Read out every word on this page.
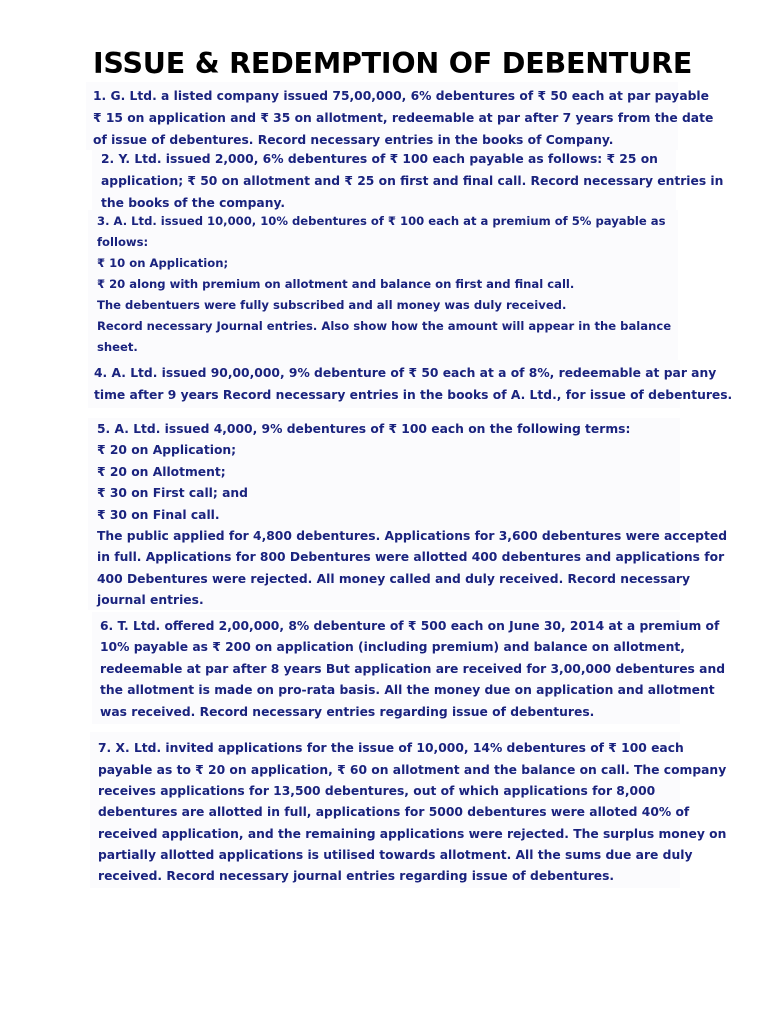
ISSUE & REDEMPTION OF DEBENTURE
1. G. Ltd. a listed company issued 75,00,000, 6% debentures of ₹ 50 each at par payable
₹ 15 on application and ₹ 35 on allotment, redeemable at par after 7 years from the date
of issue of debentures. Record necessary entries in the books of Company.
2. Y. Ltd. issued 2,000, 6% debentures of ₹ 100 each payable as follows: ₹ 25 on
application; ₹ 50 on allotment and ₹ 25 on first and final call. Record necessary entries in
the books of the company.
3. A. Ltd. issued 10,000, 10% debentures of ₹ 100 each at a premium of 5% payable as
follows:
₹ 10 on Application;
₹ 20 along with premium on allotment and balance on first and final call.
The debentuers were fully subscribed and all money was duly received.
Record necessary Journal entries. Also show how the amount will appear in the balance
sheet.
4. A. Ltd. issued 90,00,000, 9% debenture of ₹ 50 each at a of 8%, redeemable at par any
time after 9 years Record necessary entries in the books of A. Ltd., for issue of debentures.
5. A. Ltd. issued 4,000, 9% debentures of ₹ 100 each on the following terms:
₹ 20 on Application;
₹ 20 on Allotment;
₹ 30 on First call; and
₹ 30 on Final call.
The public applied for 4,800 debentures. Applications for 3,600 debentures were accepted
in full. Applications for 800 Debentures were allotted 400 debentures and applications for
400 Debentures were rejected. All money called and duly received. Record necessary
journal entries.
6. T. Ltd. offered 2,00,000, 8% debenture of ₹ 500 each on June 30, 2014 at a premium of
10% payable as ₹ 200 on application (including premium) and balance on allotment,
redeemable at par after 8 years But application are received for 3,00,000 debentures and
the allotment is made on pro-rata basis. All the money due on application and allotment
was received. Record necessary entries regarding issue of debentures.
7. X. Ltd. invited applications for the issue of 10,000, 14% debentures of ₹ 100 each
payable as to ₹ 20 on application, ₹ 60 on allotment and the balance on call. The company
receives applications for 13,500 debentures, out of which applications for 8,000
debentures are allotted in full, applications for 5000 debentures were alloted 40% of
received application, and the remaining applications were rejected. The surplus money on
partially allotted applications is utilised towards allotment. All the sums due are duly
received. Record necessary journal entries regarding issue of debentures.
